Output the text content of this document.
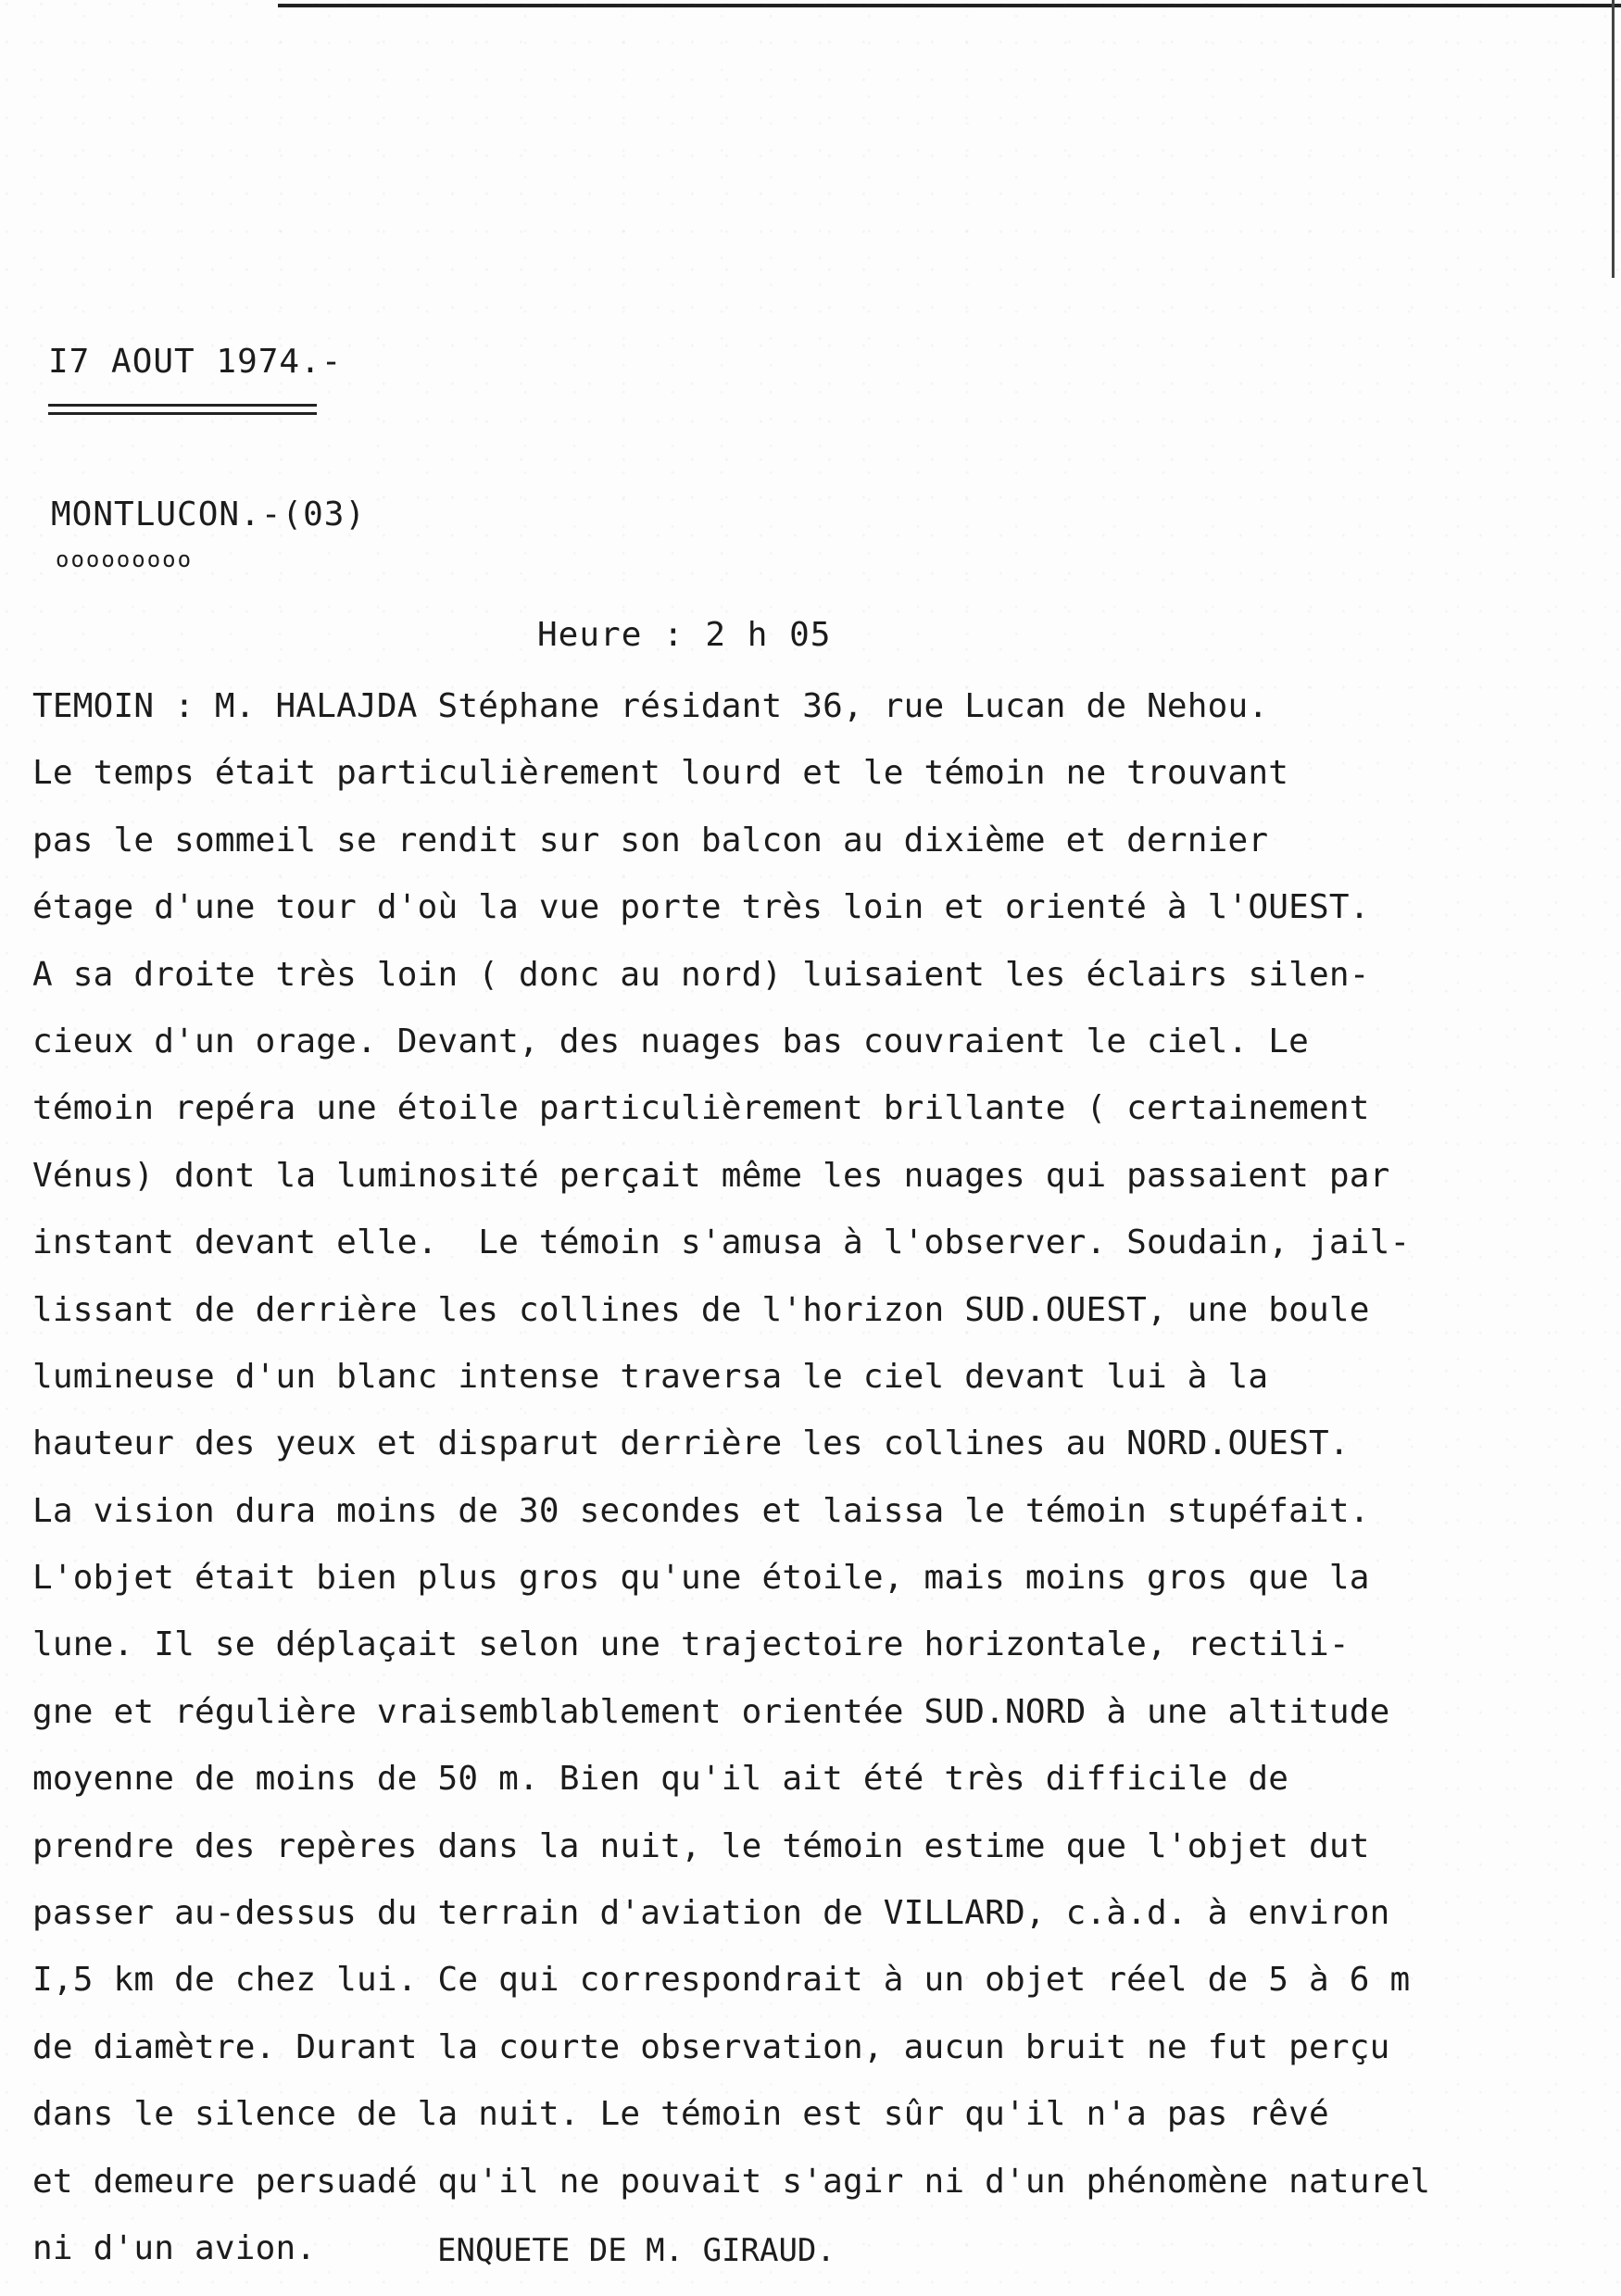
I7 AOUT 1974.-
MONTLUCON.-(03)
ooooooooo
Heure : 2 h 05
TEMOIN : M. HALAJDA Stéphane résidant 36, rue Lucan de Nehou.
Le temps était particulièrement lourd et le témoin ne trouvant
pas le sommeil se rendit sur son balcon au dixième et dernier
étage d'une tour d'où la vue porte très loin et orienté à l'OUEST.
A sa droite très loin ( donc au nord) luisaient les éclairs silen-
cieux d'un orage. Devant, des nuages bas couvraient le ciel. Le
témoin repéra une étoile particulièrement brillante ( certainement
Vénus) dont la luminosité perçait même les nuages qui passaient par
instant devant elle.  Le témoin s'amusa à l'observer. Soudain, jail-
lissant de derrière les collines de l'horizon SUD.OUEST, une boule
lumineuse d'un blanc intense traversa le ciel devant lui à la
hauteur des yeux et disparut derrière les collines au NORD.OUEST.
La vision dura moins de 30 secondes et laissa le témoin stupéfait.
L'objet était bien plus gros qu'une étoile, mais moins gros que la
lune. Il se déplaçait selon une trajectoire horizontale, rectili-
gne et régulière vraisemblablement orientée SUD.NORD à une altitude
moyenne de moins de 50 m. Bien qu'il ait été très difficile de
prendre des repères dans la nuit, le témoin estime que l'objet dut
passer au-dessus du terrain d'aviation de VILLARD, c.à.d. à environ
I,5 km de chez lui. Ce qui correspondrait à un objet réel de 5 à 6 m
de diamètre. Durant la courte observation, aucun bruit ne fut perçu
dans le silence de la nuit. Le témoin est sûr qu'il n'a pas rêvé
et demeure persuadé qu'il ne pouvait s'agir ni d'un phénomène naturel
ni d'un avion.	ENQUETE DE M. GIRAUD.
